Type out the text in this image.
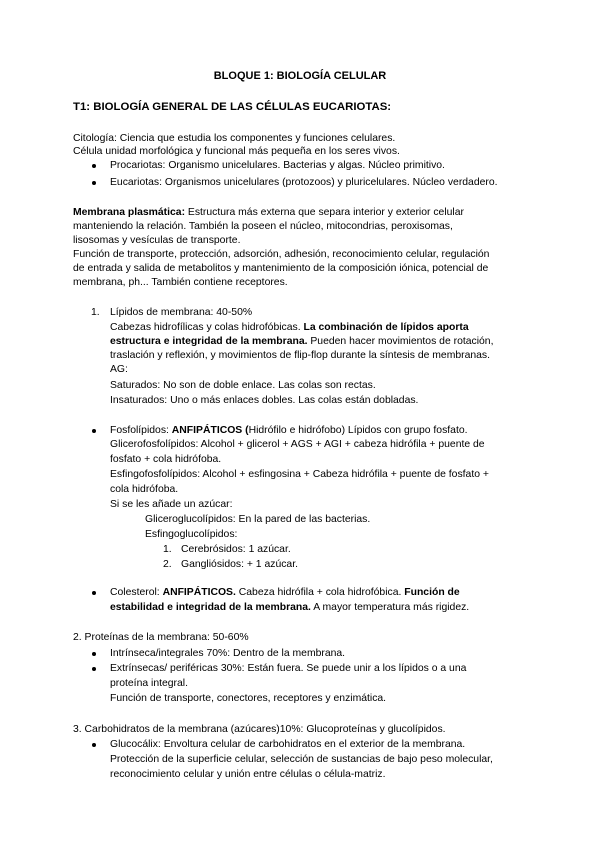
BLOQUE 1: BIOLOGÍA CELULAR
T1: BIOLOGÍA GENERAL DE LAS CÉLULAS EUCARIOTAS:
Citología: Ciencia que estudia los componentes y funciones celulares.
Célula unidad morfológica y funcional más pequeña en los seres vivos.
Procariotas: Organismo unicelulares. Bacterias y algas. Núcleo primitivo.
Eucariotas: Organismos unicelulares (protozoos) y pluricelulares. Núcleo verdadero.
Membrana plasmática: Estructura más externa que separa interior y exterior celular
manteniendo la relación. También la poseen el núcleo, mitocondrias, peroxisomas,
lisosomas y vesículas de transporte.
Función de transporte, protección, adsorción, adhesión, reconocimiento celular, regulación
de entrada y salida de metabolitos y mantenimiento de la composición iónica, potencial de
membrana, ph... También contiene receptores.
1. Lípidos de membrana: 40-50%
Cabezas hidrofílicas y colas hidrofóbicas. La combinación de lípidos aporta
estructura e integridad de la membrana. Pueden hacer movimientos de rotación,
traslación y reflexión, y movimientos de flip-flop durante la síntesis de membranas.
AG:
Saturados: No son de doble enlace. Las colas son rectas.
Insaturados: Uno o más enlaces dobles. Las colas están dobladas.
Fosfolípidos: ANFIPÁTICOS (Hidrófilo e hidrófobo) Lípidos con grupo fosfato.
Glicerofosfolípidos: Alcohol + glicerol + AGS + AGI + cabeza hidrófila + puente de
fosfato + cola hidrófoba.
Esfingofosfolípidos: Alcohol + esfingosina + Cabeza hidrófila + puente de fosfato +
cola hidrófoba.
Si se les añade un azúcar:
Gliceroglucolípidos: En la pared de las bacterias.
Esfingoglucolípidos:
1. Cerebrósidos: 1 azúcar.
2. Gangliósidos: + 1 azúcar.
Colesterol: ANFIPÁTICOS. Cabeza hidrófila + cola hidrofóbica. Función de
estabilidad e integridad de la membrana. A mayor temperatura más rigidez.
2. Proteínas de la membrana: 50-60%
Intrínseca/integrales 70%: Dentro de la membrana.
Extrínsecas/ periféricas 30%: Están fuera. Se puede unir a los lípidos o a una
proteína integral.
Función de transporte, conectores, receptores y enzimática.
3. Carbohidratos de la membrana (azúcares)10%: Glucoproteínas y glucolípidos.
Glucocálix: Envoltura celular de carbohidratos en el exterior de la membrana.
Protección de la superficie celular, selección de sustancias de bajo peso molecular,
reconocimiento celular y unión entre células o célula-matriz.
